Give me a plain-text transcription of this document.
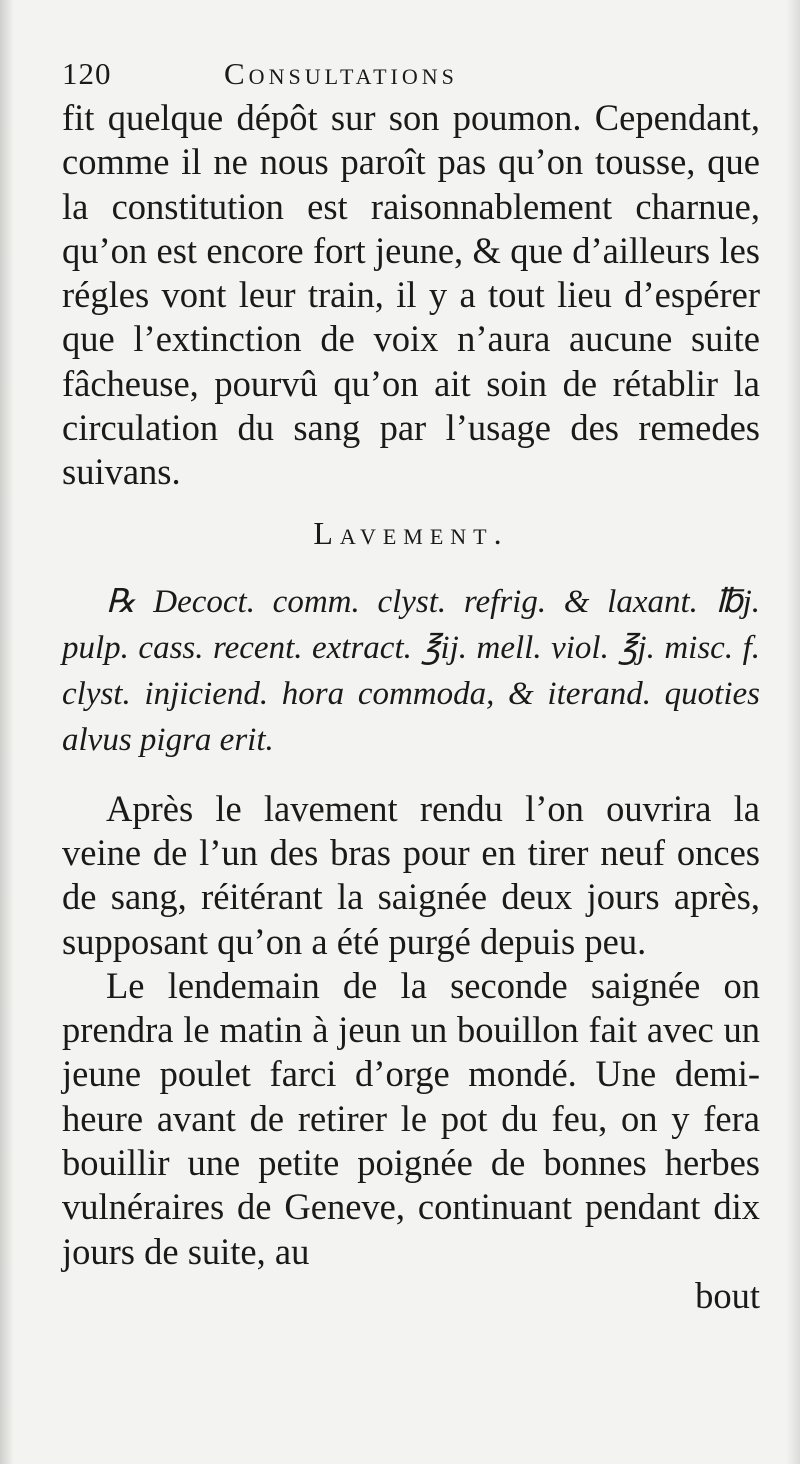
120	Consultations

fit quelque dépôt sur son poumon. Cependant, comme il ne nous paroît pas qu’on tousse, que la constitution est raisonnablement charnue, qu’on est encore fort jeune, & que d’ailleurs les régles vont leur train, il y a tout lieu d’espérer que l’extinction de voix n’aura aucune suite fâcheuse, pourvû qu’on ait soin de rétablir la circulation du sang par l’usage des remedes suivans.

Lavement.

℞ Decoct. comm. clyst. refrig. & laxant. ℔j. pulp. cass. recent. extract. ℥ij. mell. viol. ℥j. misc. f. clyst. injiciend. hora commoda, & iterand. quoties alvus pigra erit.

Après le lavement rendu l’on ouvrira la veine de l’un des bras pour en tirer neuf onces de sang, réitérant la saignée deux jours après, supposant qu’on a été purgé depuis peu.

Le lendemain de la seconde saignée on prendra le matin à jeun un bouillon fait avec un jeune poulet farci d’orge mondé. Une demi-heure avant de retirer le pot du feu, on y fera bouillir une petite poignée de bonnes herbes vulnéraires de Geneve, continuant pendant dix jours de suite, au

bout
